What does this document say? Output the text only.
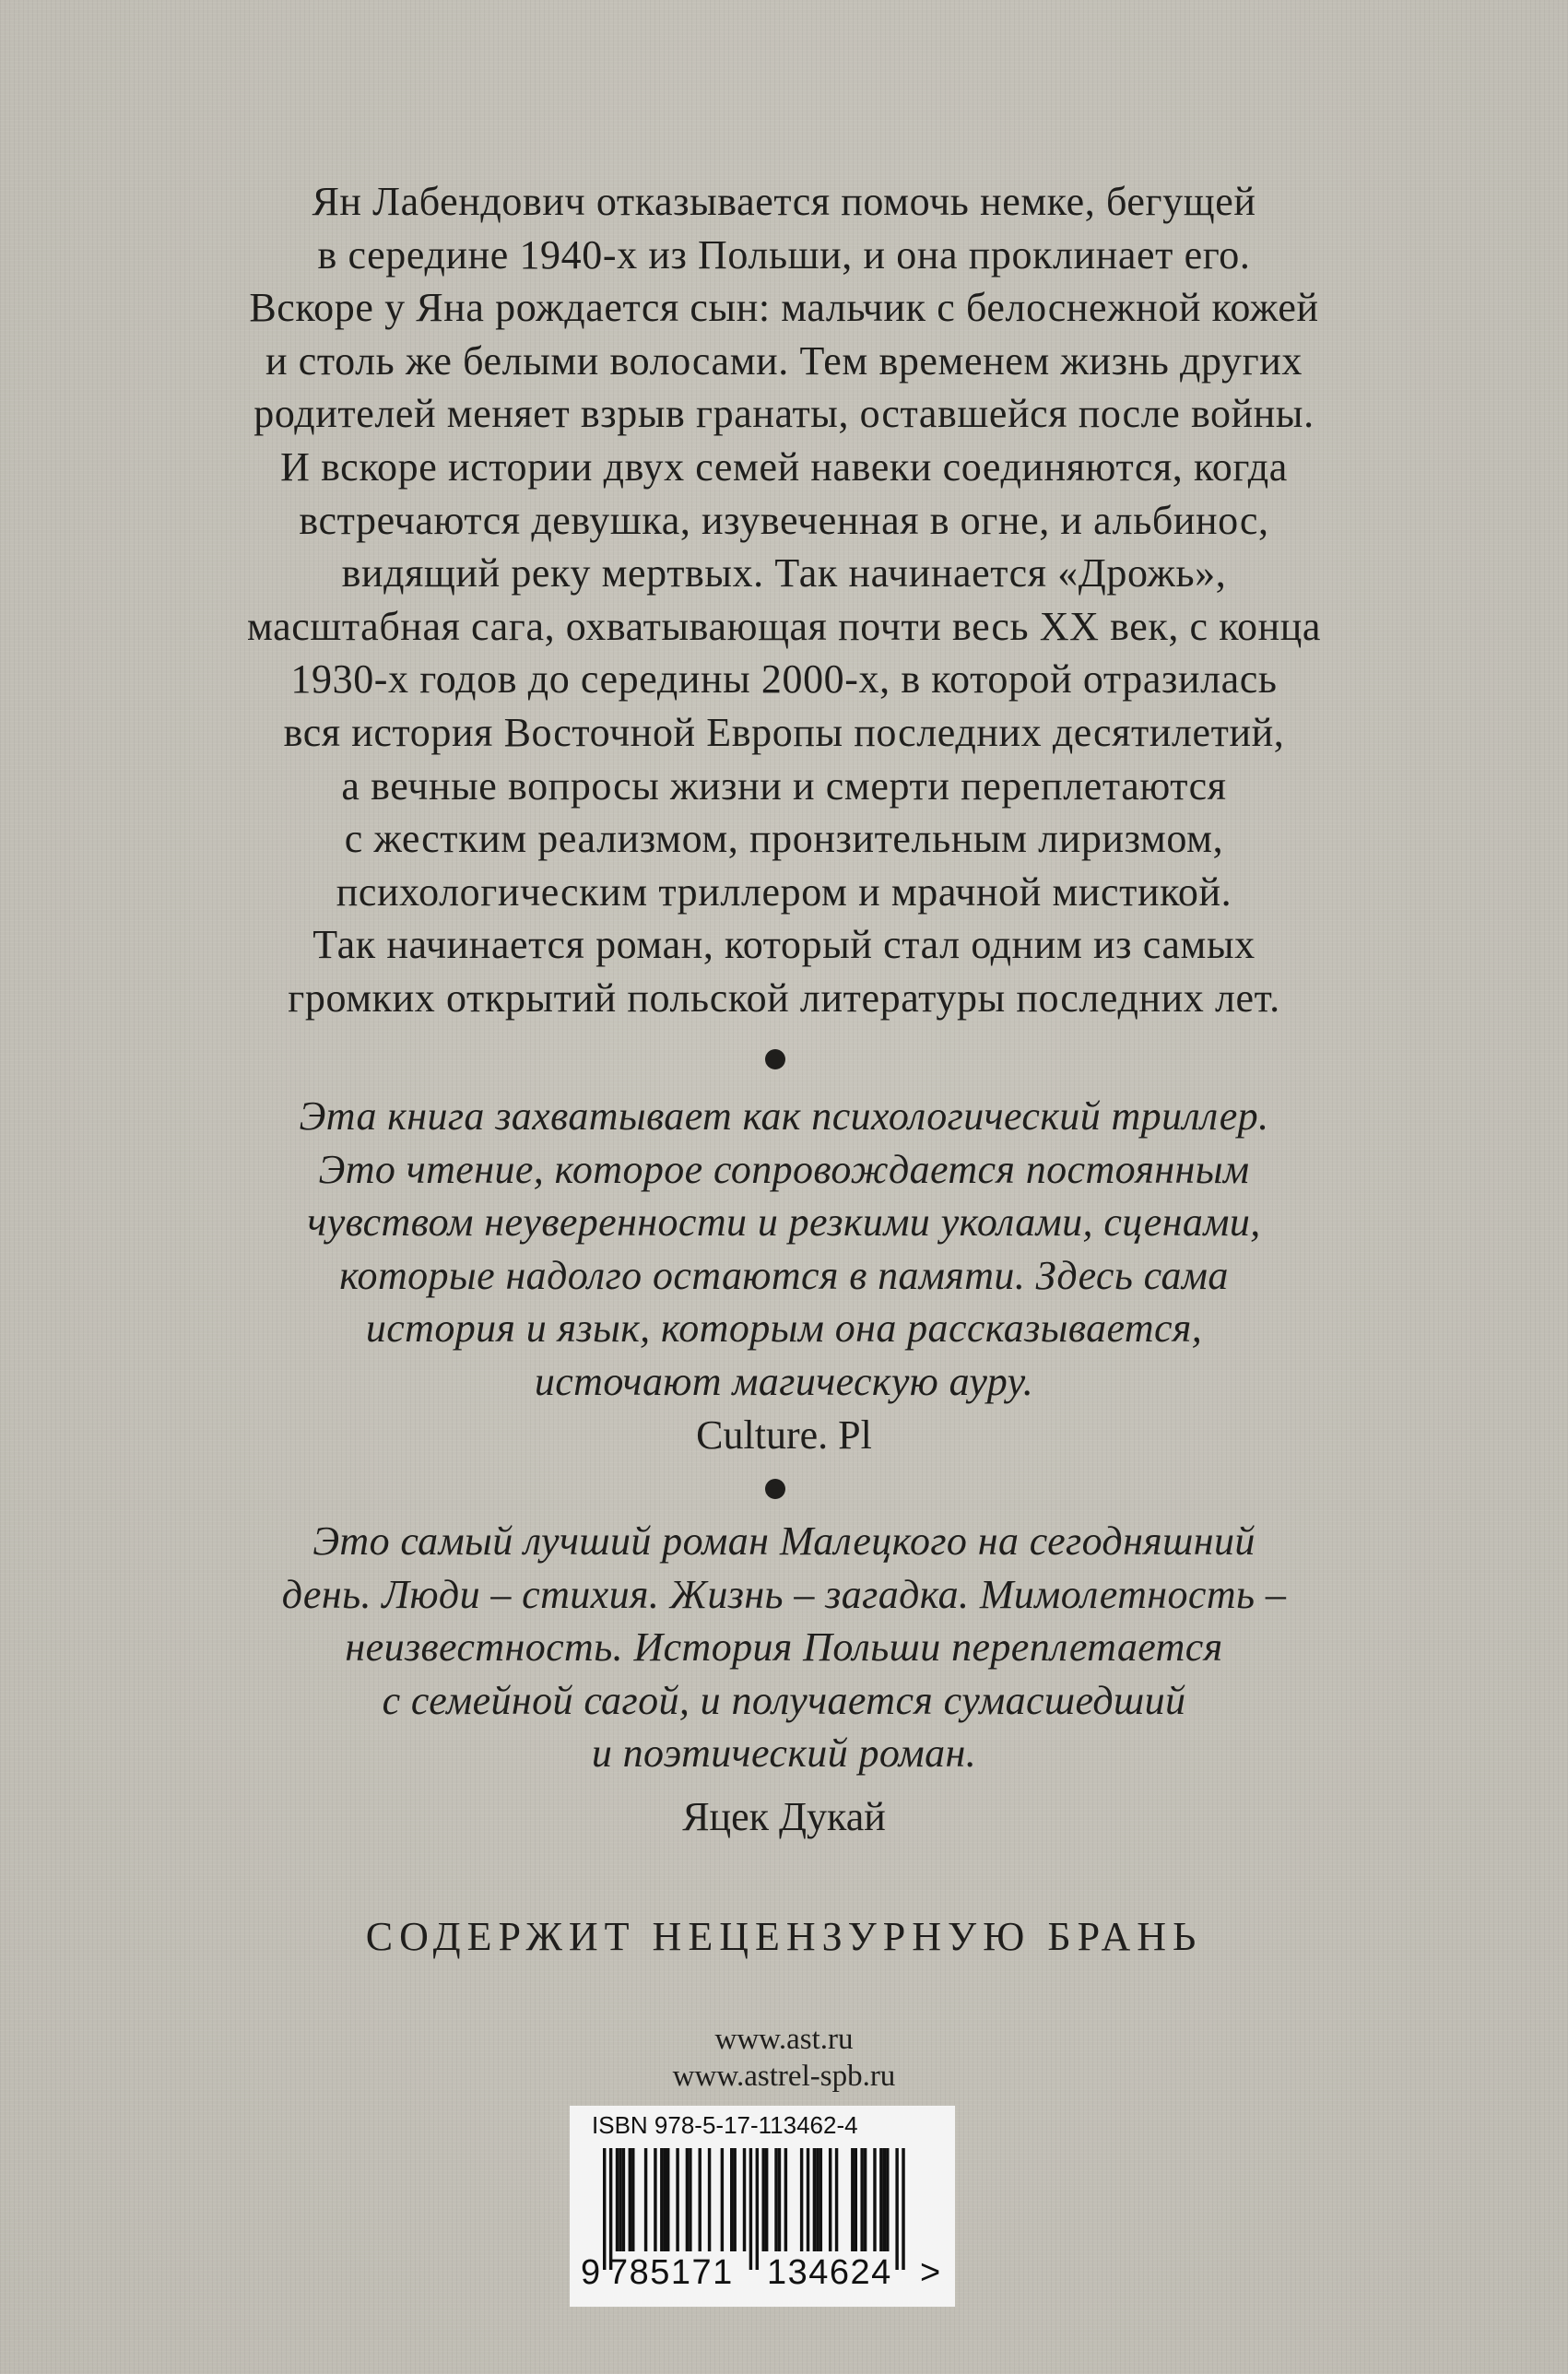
Ян Лабендович отказывается помочь немке, бегущей
в середине 1940-х из Польши, и она проклинает его.
Вскоре у Яна рождается сын: мальчик с белоснежной кожей
и столь же белыми волосами. Тем временем жизнь других
родителей меняет взрыв гранаты, оставшейся после войны.
И вскоре истории двух семей навеки соединяются, когда
встречаются девушка, изувеченная в огне, и альбинос,
видящий реку мертвых. Так начинается «Дрожь»,
масштабная сага, охватывающая почти весь XX век, с конца
1930-х годов до середины 2000-х, в которой отразилась
вся история Восточной Европы последних десятилетий,
а вечные вопросы жизни и смерти переплетаются
с жестким реализмом, пронзительным лиризмом,
психологическим триллером и мрачной мистикой.
Так начинается роман, который стал одним из самых
громких открытий польской литературы последних лет.

Эта книга захватывает как психологический триллер.
Это чтение, которое сопровождается постоянным
чувством неуверенности и резкими уколами, сценами,
которые надолго остаются в памяти. Здесь сама
история и язык, которым она рассказывается,
источают магическую ауру.

Culture. Pl

Это самый лучший роман Малецкого на сегодняшний
день. Люди – стихия. Жизнь – загадка. Мимолетность –
неизвестность. История Польши переплетается
с семейной сагой, и получается сумасшедший
и поэтический роман.

Яцек Дукай

СОДЕРЖИТ НЕЦЕНЗУРНУЮ БРАНЬ

www.ast.ru

www.astrel-spb.ru

ISBN 978-5-17-113462-4
9 785171 134624 >
